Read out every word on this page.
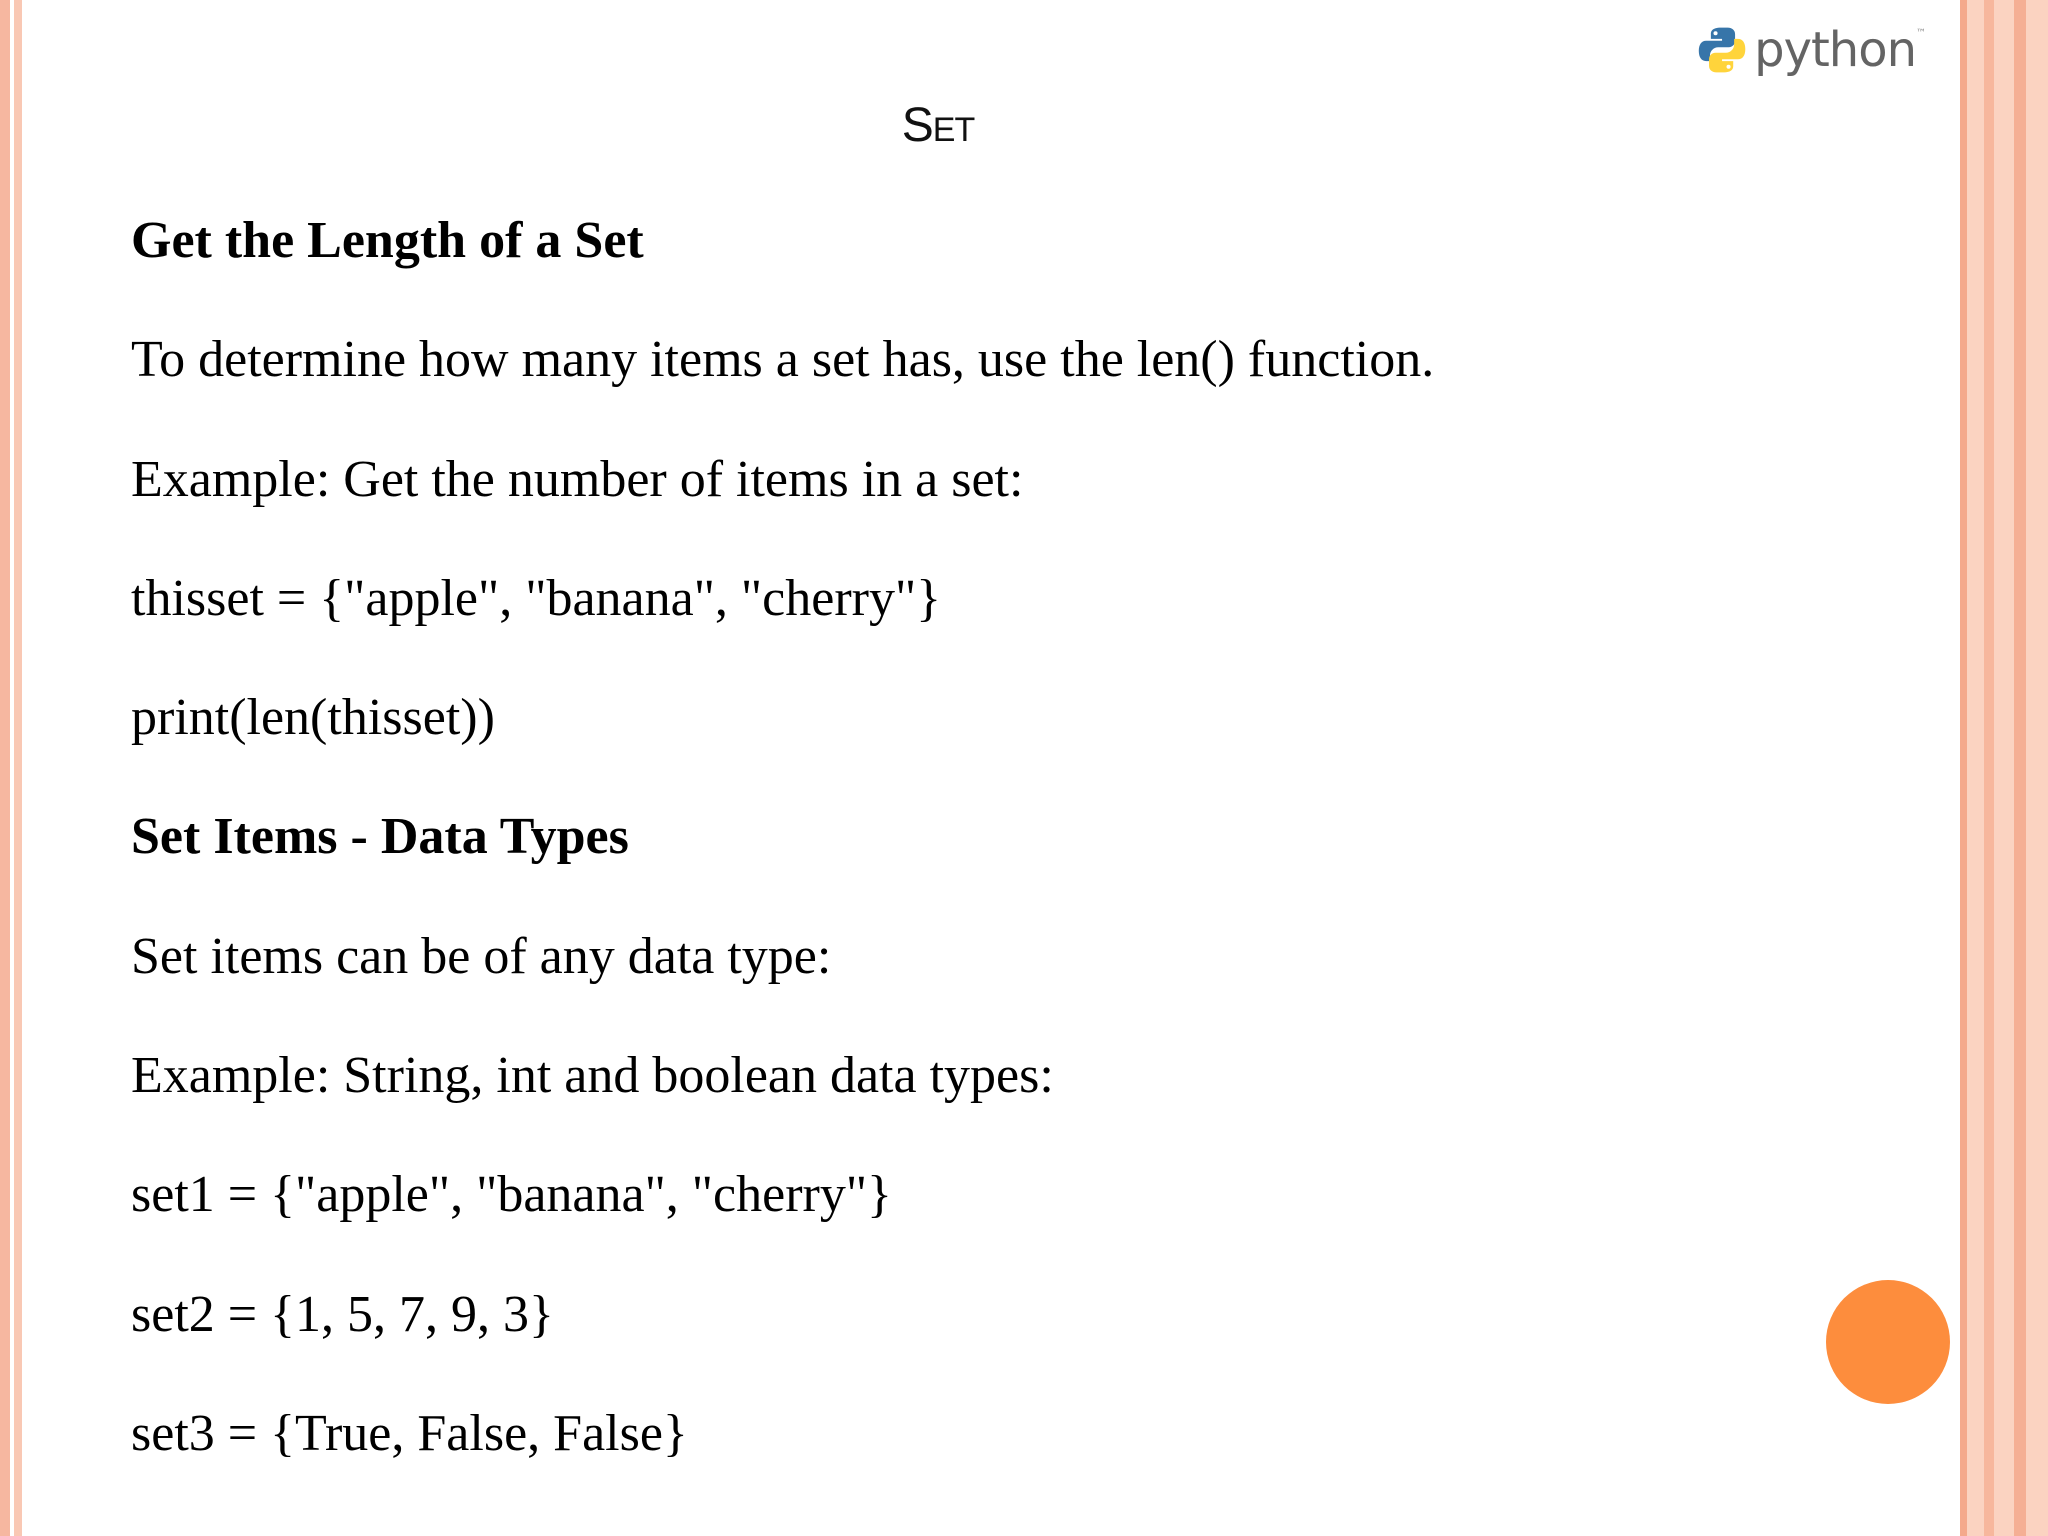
python ™
Set
Get the Length of a Set
To determine how many items a set has, use the len() function.
Example: Get the number of items in a set:
thisset = {"apple", "banana", "cherry"}
print(len(thisset))
Set Items - Data Types
Set items can be of any data type:
Example: String, int and boolean data types:
set1 = {"apple", "banana", "cherry"}
set2 = {1, 5, 7, 9, 3}
set3 = {True, False, False}
